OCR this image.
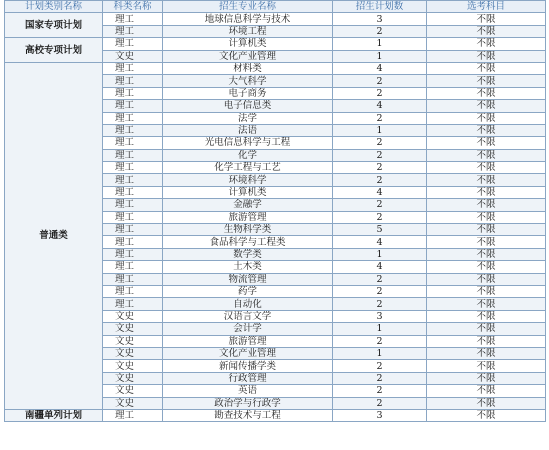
计划类别名称	科类名称	招生专业名称	招生计划数	选考科目
国家专项计划	理工	地球信息科学与技术	3	不限
	理工	环境工程	2	不限
高校专项计划	理工	计算机类	1	不限
	文史	文化产业管理	1	不限
普通类	理工	材料类	4	不限
	理工	大气科学	2	不限
	理工	电子商务	2	不限
	理工	电子信息类	4	不限
	理工	法学	2	不限
	理工	法语	1	不限
	理工	光电信息科学与工程	2	不限
	理工	化学	2	不限
	理工	化学工程与工艺	2	不限
	理工	环境科学	2	不限
	理工	计算机类	4	不限
	理工	金融学	2	不限
	理工	旅游管理	2	不限
	理工	生物科学类	5	不限
	理工	食品科学与工程类	4	不限
	理工	数学类	1	不限
	理工	土木类	4	不限
	理工	物流管理	2	不限
	理工	药学	2	不限
	理工	自动化	2	不限
	文史	汉语言文学	3	不限
	文史	会计学	1	不限
	文史	旅游管理	2	不限
	文史	文化产业管理	1	不限
	文史	新闻传播学类	2	不限
	文史	行政管理	2	不限
	文史	英语	2	不限
	文史	政治学与行政学	2	不限
南疆单列计划	理工	勘查技术与工程	3	不限
